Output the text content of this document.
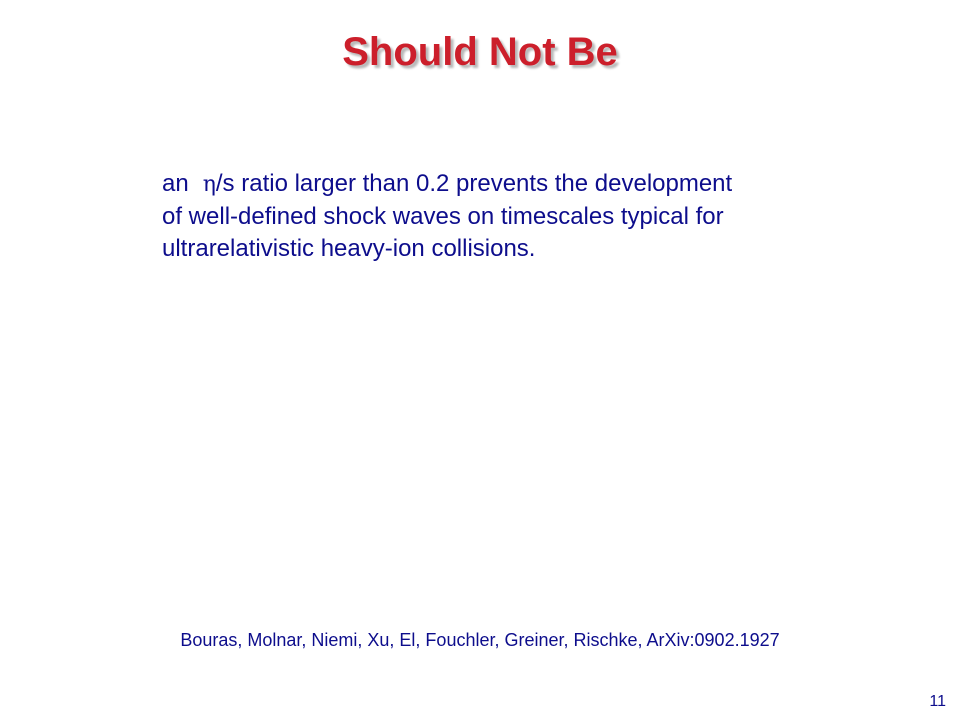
Should Not Be
an η/s ratio larger than 0.2 prevents the development
of well-defined shock waves on timescales typical for
ultrarelativistic heavy-ion collisions.
Bouras, Molnar, Niemi, Xu, El, Fouchler, Greiner, Rischke, ArXiv:0902.1927
11
